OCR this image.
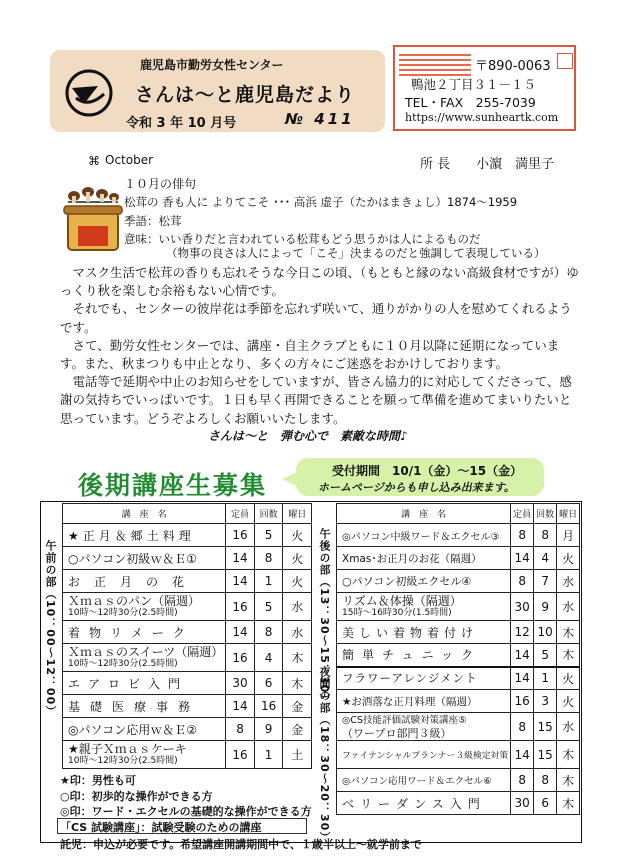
鹿児島市勤労女性センター
さんは～と鹿児島だより
令和 3 年 10 月号	№ 411
〒890-0063
鴨池２丁目３１－１５
TEL・FAX　255-7039
https://www.sunheartk.com
⌘ October	所 長　　小濵　満里子
１０月の俳句
松茸の 香も人に よりてこそ ･･･ 高浜 虚子（たかはまきょし）1874～1959
季語：松茸
意味：いい香りだと言われている松茸もどう思うかは人によるものだ
（物事の良さは人によって「こそ」決まるのだと強調して表現している）

　マスク生活で松茸の香りも忘れそうな今日この頃、（もともと縁のない高級食材ですが）ゆっくり秋を楽しむ余裕もない心情です。

　それでも、センターの彼岸花は季節を忘れず咲いて、通りがかりの人を慰めてくれるようです。

　さて、勤労女性センターでは、講座・自主クラブともに１０月以降に延期になっています。また、秋まつりも中止となり、多くの方々にご迷惑をおかけしております。

　電話等で延期や中止のお知らせをしていますが、皆さん協力的に対応してくださって、感謝の気持ちでいっぱいです。１日も早く再開できることを願って準備を進めてまいりたいと思っています。どうぞよろしくお願いいたします。

さんは～と　弾む心で　素敵な時間♪
後期講座生募集	受付期間　10/1（金）～15（金）
ホームページからも申し込み出来ます。
午前の部（10：00～12：00）
講　座　名	定員	回数	曜日
★正月＆郷土料理	16	5	火
○パソコン初級ｗ＆Ｅ①	14	8	火
お正月の花	14	1	火

Ｘｍａｓのパン（隔週）
10時～12時30分(2.5時間)	16	5	水
着物リメーク	14	8	水

Ｘｍａｓのスイーツ（隔週）
10時～12時30分(2.5時間)	16	4	木
エアロビ入門	30	6	木
基礎医療事務	14	16	金
◎パソコン応用ｗ＆Ｅ②	8	9	金

★親子Ｘｍａｓケーキ
10時～12時30分(2.5時間)	16	1	土
午後の部（13：30～15：30）
夜間の部（18：30～20：30）
講　座　名	定員	回数	曜日
◎パソコン中級ワード＆エクセル③	8	8	月
Xmas･お正月のお花（隔週）	14	4	火
○パソコン初級エクセル④	8	7	水

リズム＆体操（隔週）
15時～16時30分(1.5時間)	30	9	水
美しい着物着付け	12	10	木
簡単チュニック	14	5	木
フラワーアレンジメント	14	1	火
★お洒落な正月料理（隔週）	16	3	火

◎CS技能評価試験対策講座⑤
（ワープロ部門３級）	8	15	水
ファイナンシャルプランナー３級検定対策	14	15	木
◎パソコン応用ワード＆エクセル⑥	8	8	木
ベリーダンス入門	30	6	木
★印：男性も可
○印：初歩的な操作ができる方
◎印：ワード・エクセルの基礎的な操作ができる方
「CS 試験講座」：試験受験のための講座
託児：申込が必要です。希望講座開講期間中で、１歳半以上～就学前まで
